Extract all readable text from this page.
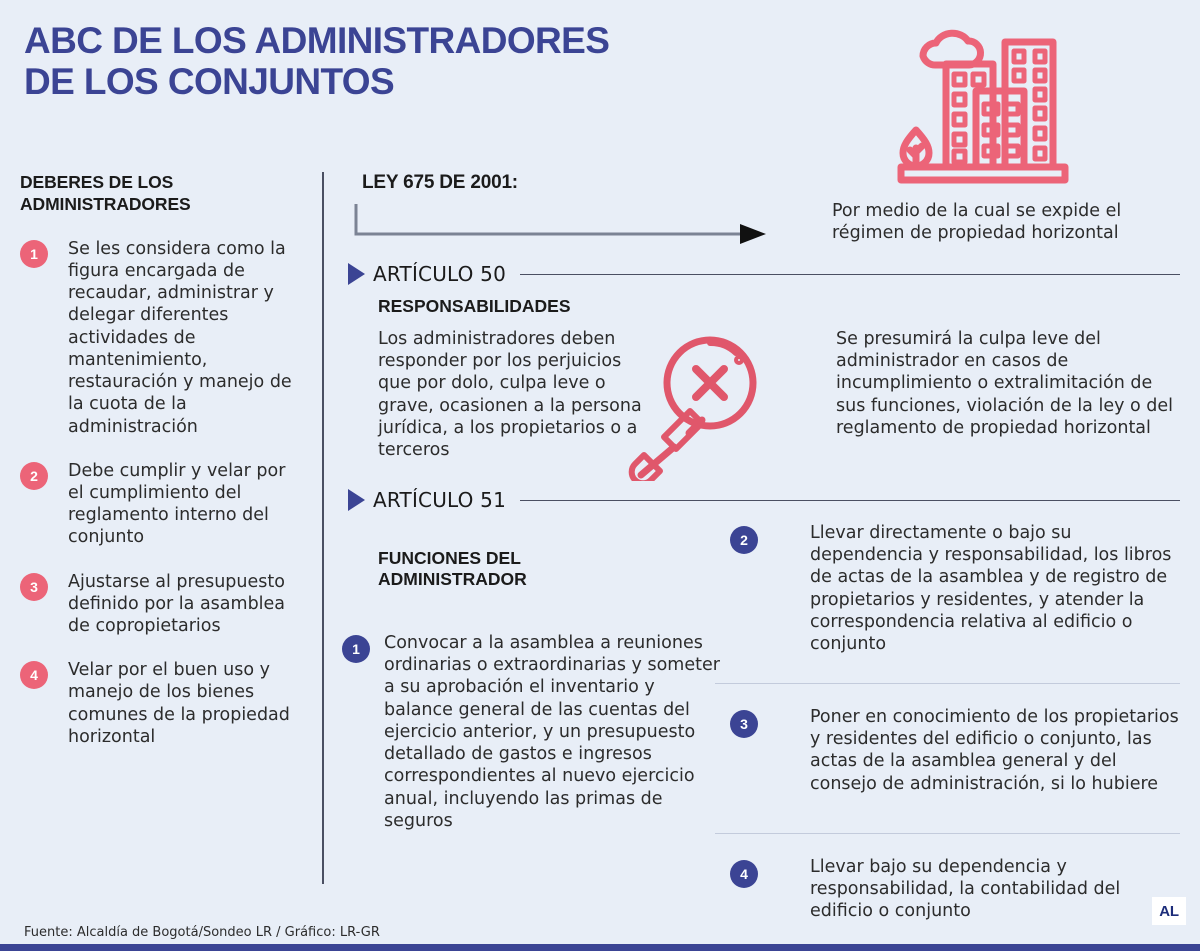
ABC DE LOS ADMINISTRADORES
DE LOS CONJUNTOS
DEBERES DE LOS ADMINISTRADORES
1	Se les considera como la figura encargada de recaudar, administrar y delegar diferentes actividades de mantenimiento, restauración y manejo de la cuota de la administración
2	Debe cumplir y velar por el cumplimiento del reglamento interno del conjunto
3	Ajustarse al presupuesto definido por la asamblea de copropietarios
4	Velar por el buen uso y manejo de los bienes comunes de la propiedad horizontal
LEY 675 DE 2001:
Por medio de la cual se expide el régimen de propiedad horizontal
ARTÍCULO 50
RESPONSABILIDADES
Los administradores deben responder por los perjuicios que por dolo, culpa leve o grave, ocasionen a la persona jurídica, a los propietarios o a terceros
Se presumirá la culpa leve del administrador en casos de incumplimiento o extralimitación de sus funciones, violación de la ley o del reglamento de propiedad horizontal
ARTÍCULO 51
FUNCIONES DEL ADMINISTRADOR
1	Convocar a la asamblea a reuniones ordinarias o extraordinarias y someter a su aprobación el inventario y balance general de las cuentas del ejercicio anterior, y un presupuesto detallado de gastos e ingresos correspondientes al nuevo ejercicio anual, incluyendo las primas de seguros
2	Llevar directamente o bajo su dependencia y responsabilidad, los libros de actas de la asamblea y de registro de propietarios y residentes, y atender la correspondencia relativa al edificio o conjunto
3	Poner en conocimiento de los propietarios y residentes del edificio o conjunto, las actas de la asamblea general y del consejo de administración, si lo hubiere
4	Llevar bajo su dependencia y responsabilidad, la contabilidad del edificio o conjunto
Fuente: Alcaldía de Bogotá/Sondeo LR / Gráfico: LR-GR
AL
